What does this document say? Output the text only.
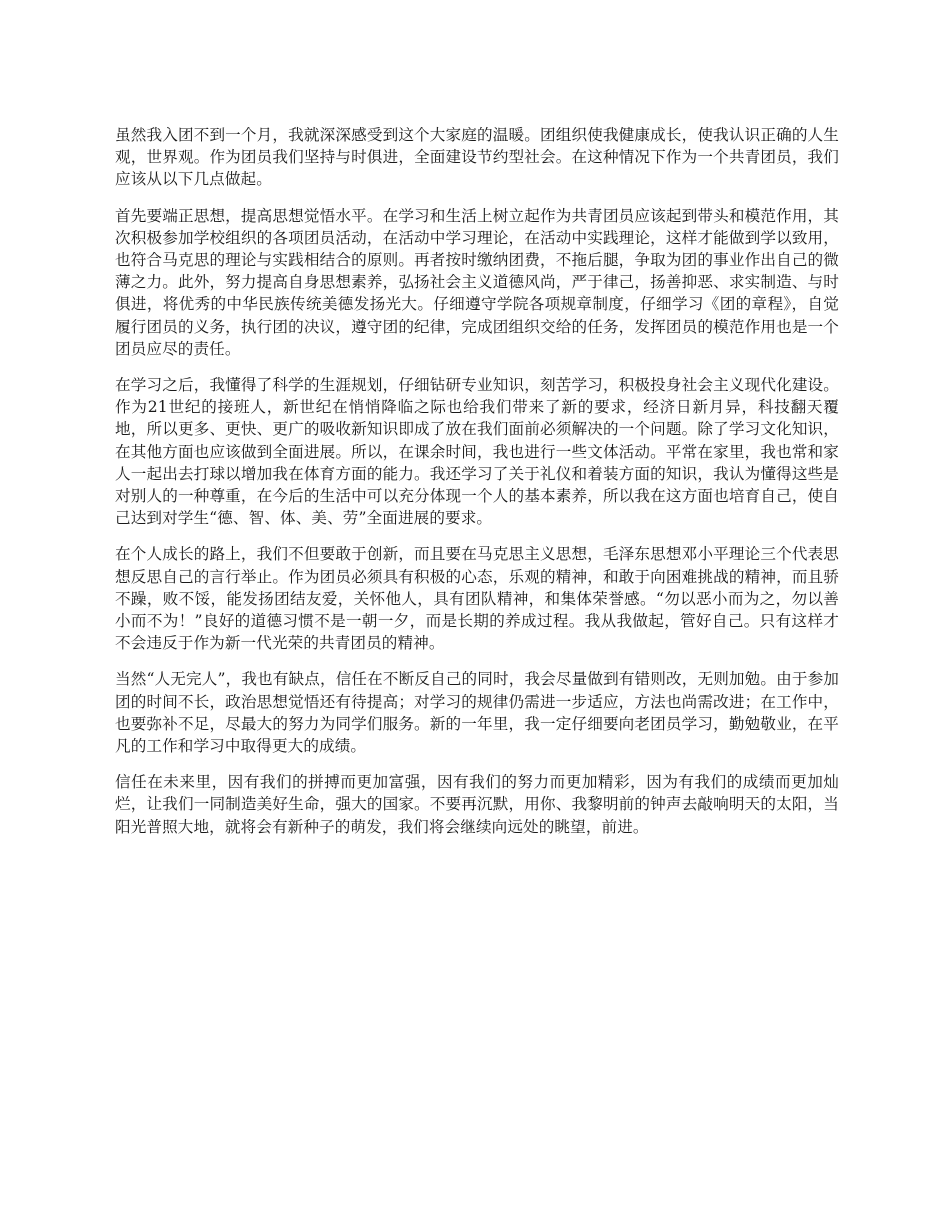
虽然我入团不到一个月，我就深深感受到这个大家庭的温暖。团组织使我健康成长，使我认识正确的人生观，世界观。作为团员我们坚持与时俱进，全面建设节约型社会。在这种情况下作为一个共青团员，我们应该从以下几点做起。

首先要端正思想，提高思想觉悟水平。在学习和生活上树立起作为共青团员应该起到带头和模范作用，其次积极参加学校组织的各项团员活动，在活动中学习理论，在活动中实践理论，这样才能做到学以致用，也符合马克思的理论与实践相结合的原则。再者按时缴纳团费，不拖后腿，争取为团的事业作出自己的微薄之力。此外，努力提高自身思想素养，弘扬社会主义道德风尚，严于律己，扬善抑恶、求实制造、与时俱进，将优秀的中华民族传统美德发扬光大。仔细遵守学院各项规章制度，仔细学习《团的章程》，自觉履行团员的义务，执行团的决议，遵守团的纪律，完成团组织交给的任务，发挥团员的模范作用也是一个团员应尽的责任。

在学习之后，我懂得了科学的生涯规划，仔细钻研专业知识，刻苦学习，积极投身社会主义现代化建设。作为21世纪的接班人，新世纪在悄悄降临之际也给我们带来了新的要求，经济日新月异，科技翻天覆地，所以更多、更快、更广的吸收新知识即成了放在我们面前必须解决的一个问题。除了学习文化知识，在其他方面也应该做到全面进展。所以，在课余时间，我也进行一些文体活动。平常在家里，我也常和家人一起出去打球以增加我在体育方面的能力。我还学习了关于礼仪和着装方面的知识，我认为懂得这些是对别人的一种尊重，在今后的生活中可以充分体现一个人的基本素养，所以我在这方面也培育自己，使自己达到对学生“德、智、体、美、劳”全面进展的要求。

在个人成长的路上，我们不但要敢于创新，而且要在马克思主义思想，毛泽东思想邓小平理论三个代表思想反思自己的言行举止。作为团员必须具有积极的心态，乐观的精神，和敢于向困难挑战的精神，而且骄不躁，败不馁，能发扬团结友爱，关怀他人，具有团队精神，和集体荣誉感。“勿以恶小而为之，勿以善小而不为！”良好的道德习惯不是一朝一夕，而是长期的养成过程。我从我做起，管好自己。只有这样才不会违反于作为新一代光荣的共青团员的精神。

当然“人无完人”，我也有缺点，信任在不断反自己的同时，我会尽量做到有错则改，无则加勉。由于参加团的时间不长，政治思想觉悟还有待提高；对学习的规律仍需进一步适应，方法也尚需改进；在工作中，也要弥补不足，尽最大的努力为同学们服务。新的一年里，我一定仔细要向老团员学习，勤勉敬业，在平凡的工作和学习中取得更大的成绩。

信任在未来里，因有我们的拼搏而更加富强，因有我们的努力而更加精彩，因为有我们的成绩而更加灿烂，让我们一同制造美好生命，强大的国家。不要再沉默，用你、我黎明前的钟声去敲响明天的太阳，当阳光普照大地，就将会有新种子的萌发，我们将会继续向远处的眺望，前进。
